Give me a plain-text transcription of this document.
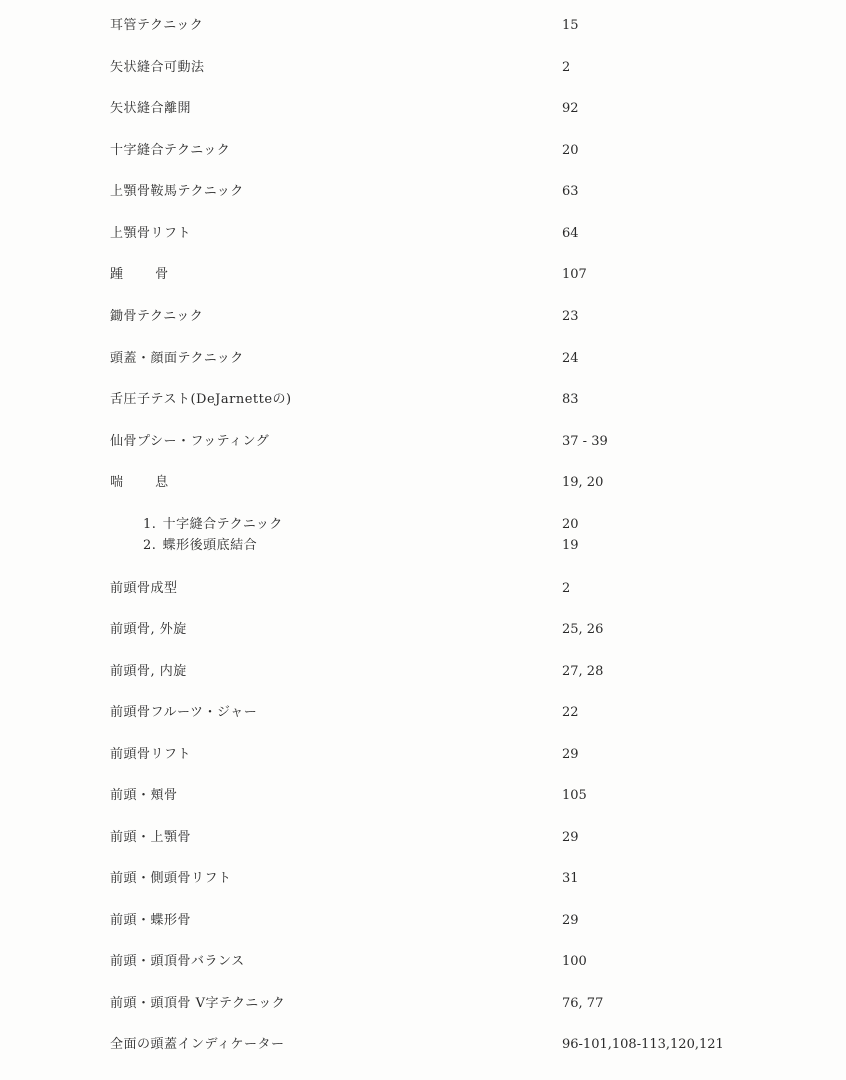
耳管テクニック	15
矢状縫合可動法	2
矢状縫合離開	92
十字縫合テクニック	20
上顎骨鞍馬テクニック	63
上顎骨リフト	64
踵 骨	107
鋤骨テクニック	23
頭蓋・顔面テクニック	24
舌圧子テスト(DeJarnetteの)	83
仙骨プシー・フッティング	37 - 39
喘 息	19, 20
1. 十字縫合テクニック	20
2. 蝶形後頭底結合	19
前頭骨成型	2
前頭骨, 外旋	25, 26
前頭骨, 内旋	27, 28
前頭骨フルーツ・ジャー	22
前頭骨リフト	29
前頭・頬骨	105
前頭・上顎骨	29
前頭・側頭骨リフト	31
前頭・蝶形骨	29
前頭・頭頂骨バランス	100
前頭・頭頂骨 V字テクニック	76, 77
全面の頭蓋インディケーター	96-101,108-113,120,121
